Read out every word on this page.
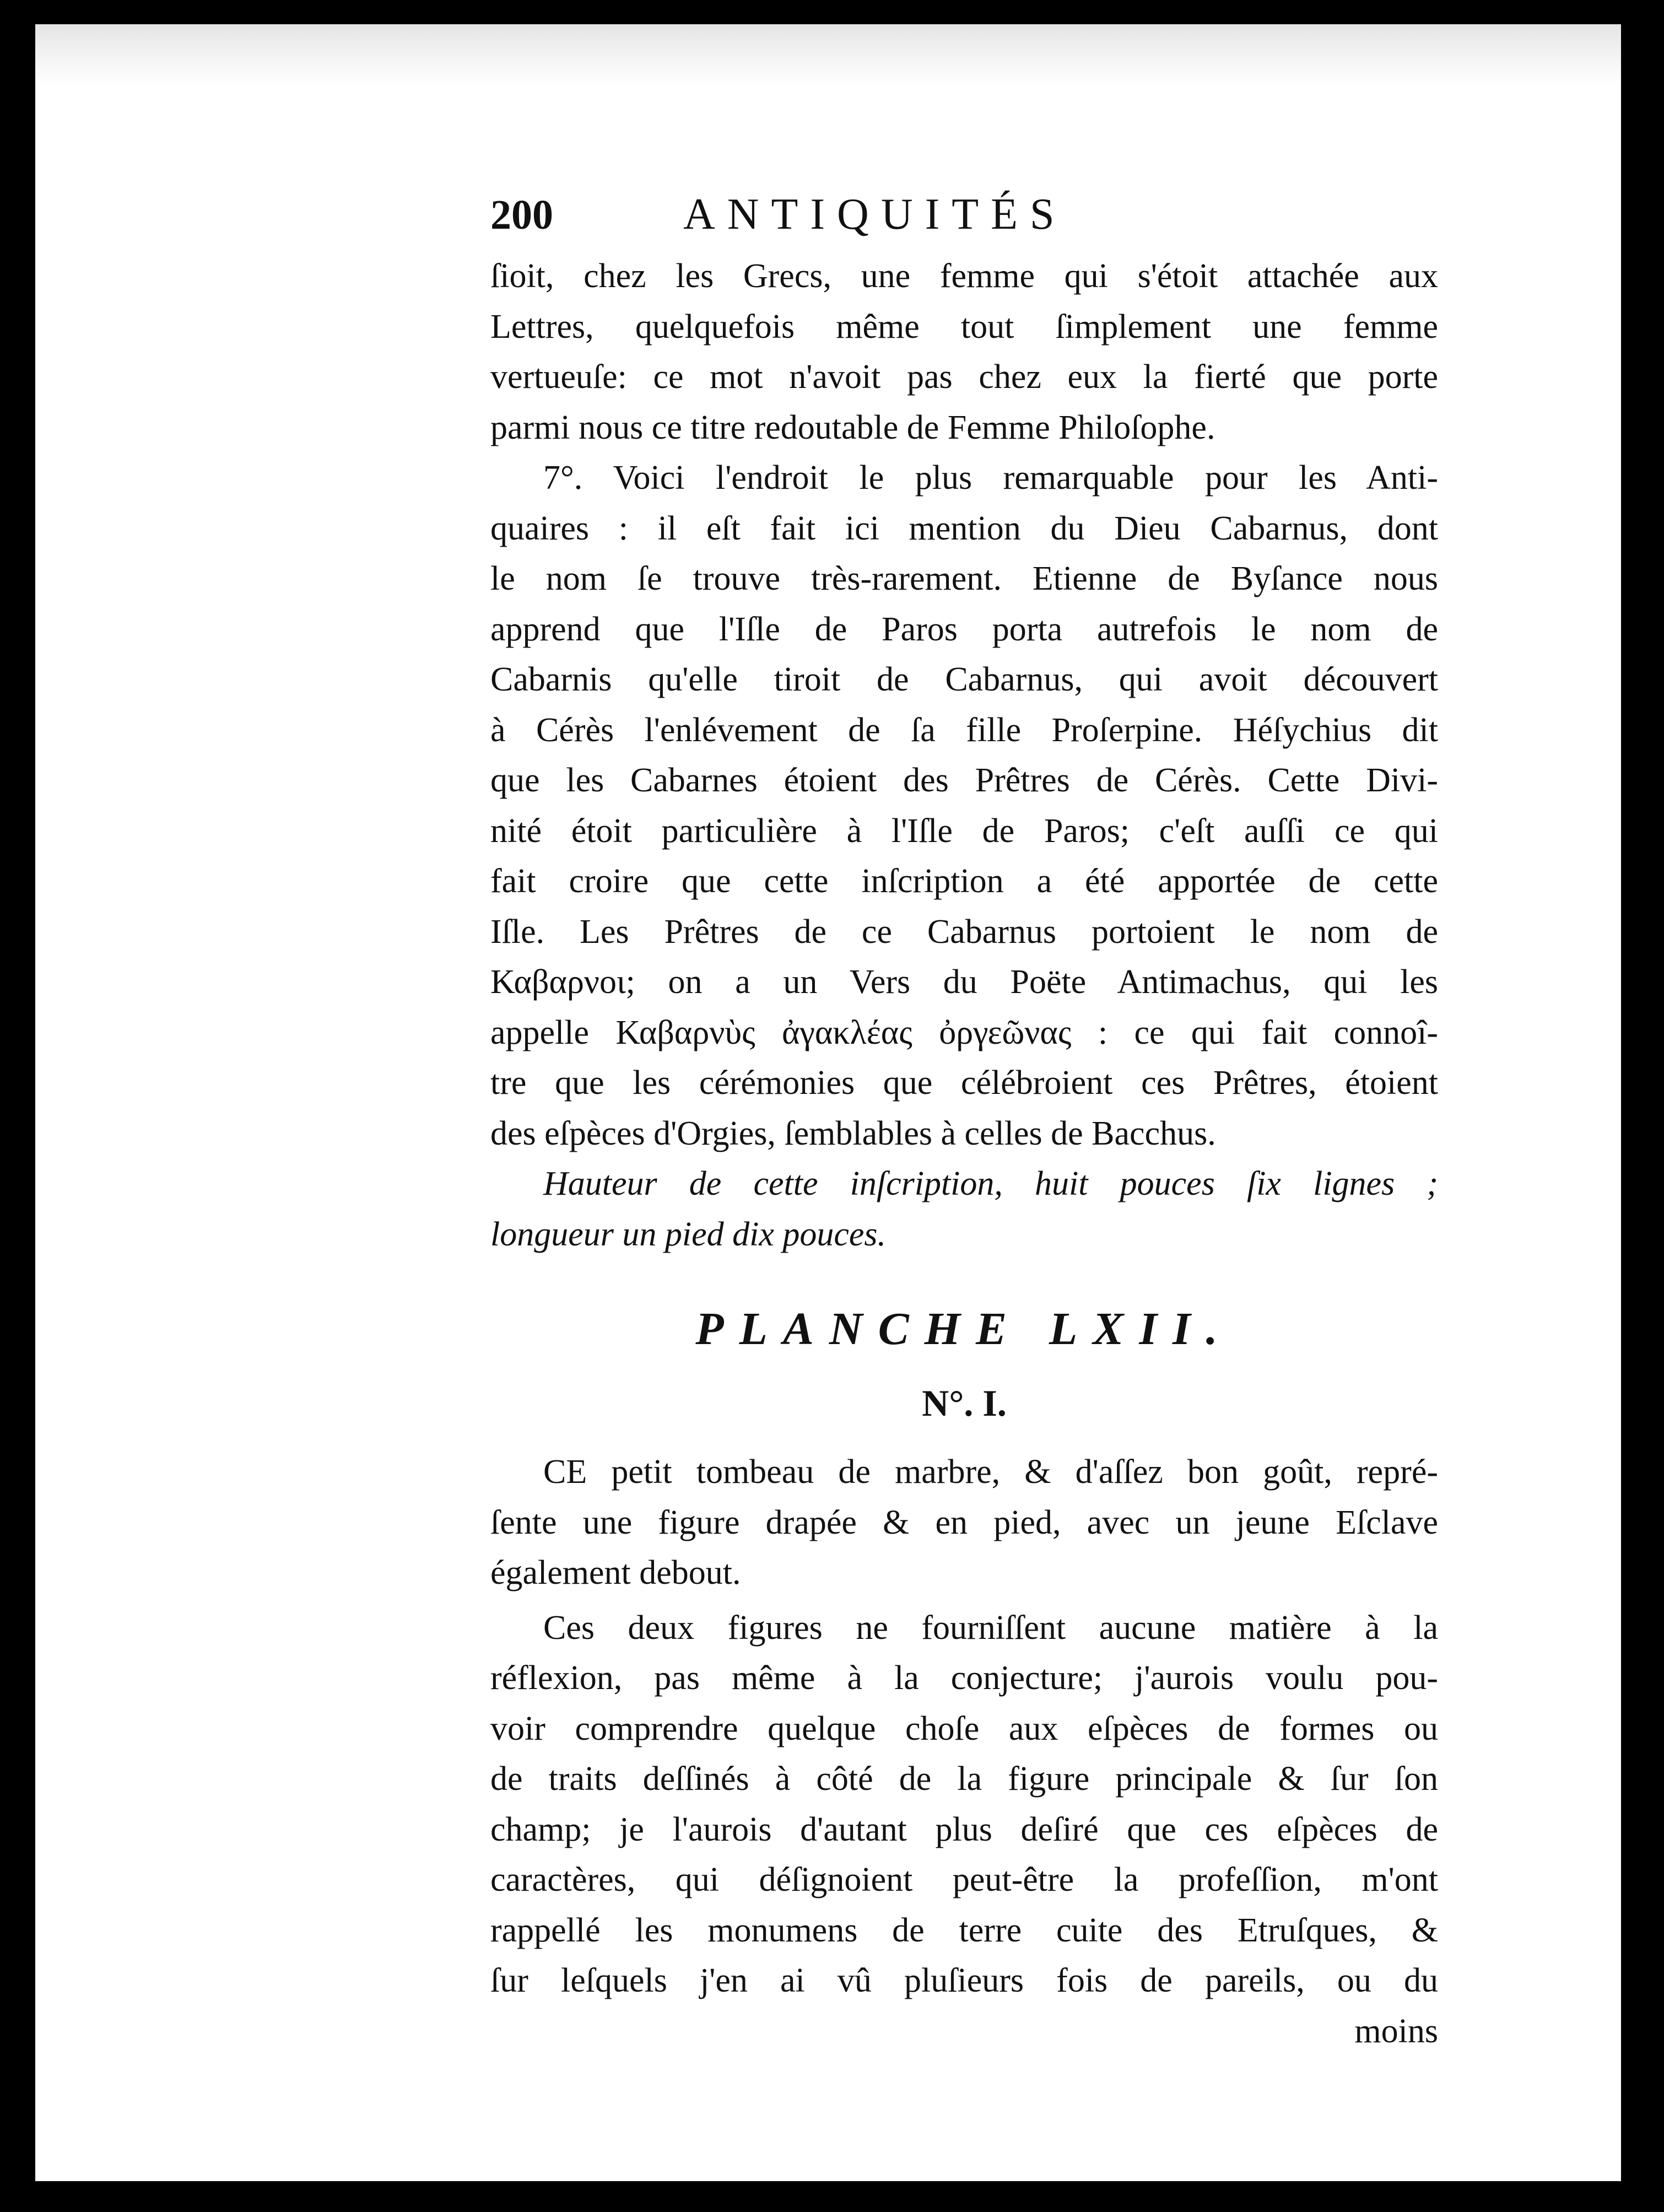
200	ANTIQUITÉS
ſioit, chez les Grecs, une femme qui s'étoit attachée aux
Lettres, quelquefois même tout ſimplement une femme
vertueuſe: ce mot n'avoit pas chez eux la fierté que porte
parmi nous ce titre redoutable de Femme Philoſophe.
7°. Voici l'endroit le plus remarquable pour les Anti-
quaires : il eſt fait ici mention du Dieu Cabarnus, dont
le nom ſe trouve très-rarement. Etienne de Byſance nous
apprend que l'Iſle de Paros porta autrefois le nom de
Cabarnis qu'elle tiroit de Cabarnus, qui avoit découvert
à Cérès l'enlévement de ſa fille Proſerpine. Héſychius dit
que les Cabarnes étoient des Prêtres de Cérès. Cette Divi-
nité étoit particulière à l'Iſle de Paros; c'eſt auſſi ce qui
fait croire que cette inſcription a été apportée de cette
Iſle. Les Prêtres de ce Cabarnus portoient le nom de
Καβαρνοι; on a un Vers du Poëte Antimachus, qui les
appelle Καβαρνὺς ἀγακλέας ὀργεῶνας : ce qui fait connoî-
tre que les cérémonies que célébroient ces Prêtres, étoient
des eſpèces d'Orgies, ſemblables à celles de Bacchus.
Hauteur de cette inſcription, huit pouces ſix lignes ;
longueur un pied dix pouces.
PLANCHE LXII.
N°. I.
CE petit tombeau de marbre, & d'aſſez bon goût, repré-
ſente une figure drapée & en pied, avec un jeune Eſclave
également debout.
Ces deux figures ne fourniſſent aucune matière à la
réflexion, pas même à la conjecture; j'aurois voulu pou-
voir comprendre quelque choſe aux eſpèces de formes ou
de traits deſſinés à côté de la figure principale & ſur ſon
champ; je l'aurois d'autant plus deſiré que ces eſpèces de
caractères, qui déſignoient peut-être la profeſſion, m'ont
rappellé les monumens de terre cuite des Etruſques, &
ſur leſquels j'en ai vû pluſieurs fois de pareils, ou du
moins
